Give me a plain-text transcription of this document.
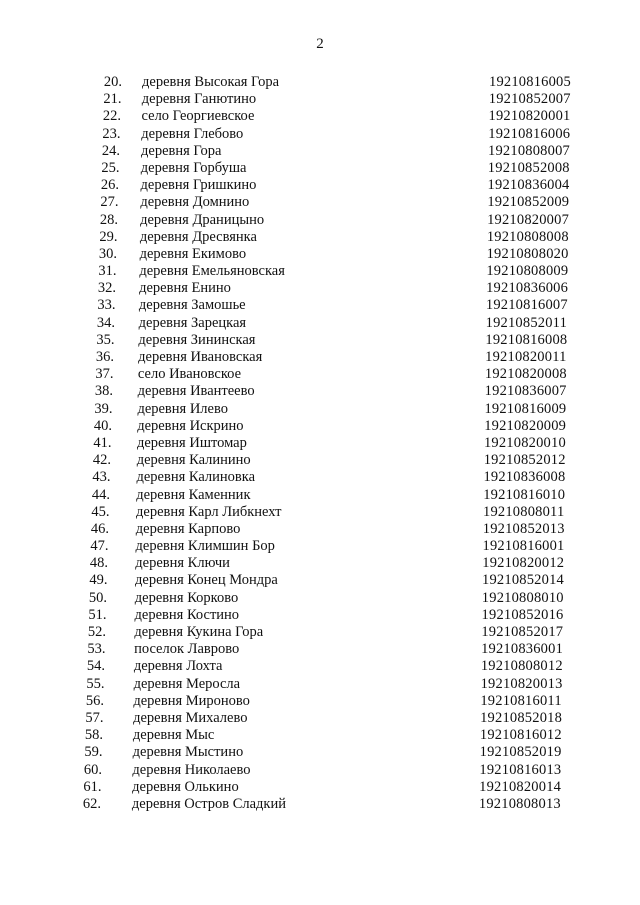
2
20. деревня Высокая Гора	19210816005
21. деревня Ганютино	19210852007
22. село Георгиевское	19210820001
23. деревня Глебово	19210816006
24. деревня Гора	19210808007
25. деревня Горбуша	19210852008
26. деревня Гришкино	19210836004
27. деревня Домнино	19210852009
28. деревня Драницыно	19210820007
29. деревня Дресвянка	19210808008
30. деревня Екимово	19210808020
31. деревня Емельяновская	19210808009
32. деревня Енино	19210836006
33. деревня Замошье	19210816007
34. деревня Зарецкая	19210852011
35. деревня Зининская	19210816008
36. деревня Ивановская	19210820011
37. село Ивановское	19210820008
38. деревня Ивантеево	19210836007
39. деревня Илево	19210816009
40. деревня Искрино	19210820009
41. деревня Иштомар	19210820010
42. деревня Калинино	19210852012
43. деревня Калиновка	19210836008
44. деревня Каменник	19210816010
45. деревня Карл Либкнехт	19210808011
46. деревня Карпово	19210852013
47. деревня Климшин Бор	19210816001
48. деревня Ключи	19210820012
49. деревня Конец Мондра	19210852014
50. деревня Корково	19210808010
51. деревня Костино	19210852016
52. деревня Кукина Гора	19210852017
53. поселок Лаврово	19210836001
54. деревня Лохта	19210808012
55. деревня Меросла	19210820013
56. деревня Мироново	19210816011
57. деревня Михалево	19210852018
58. деревня Мыс	19210816012
59. деревня Мыстино	19210852019
60. деревня Николаево	19210816013
61. деревня Олькино	19210820014
62. деревня Остров Сладкий	19210808013
